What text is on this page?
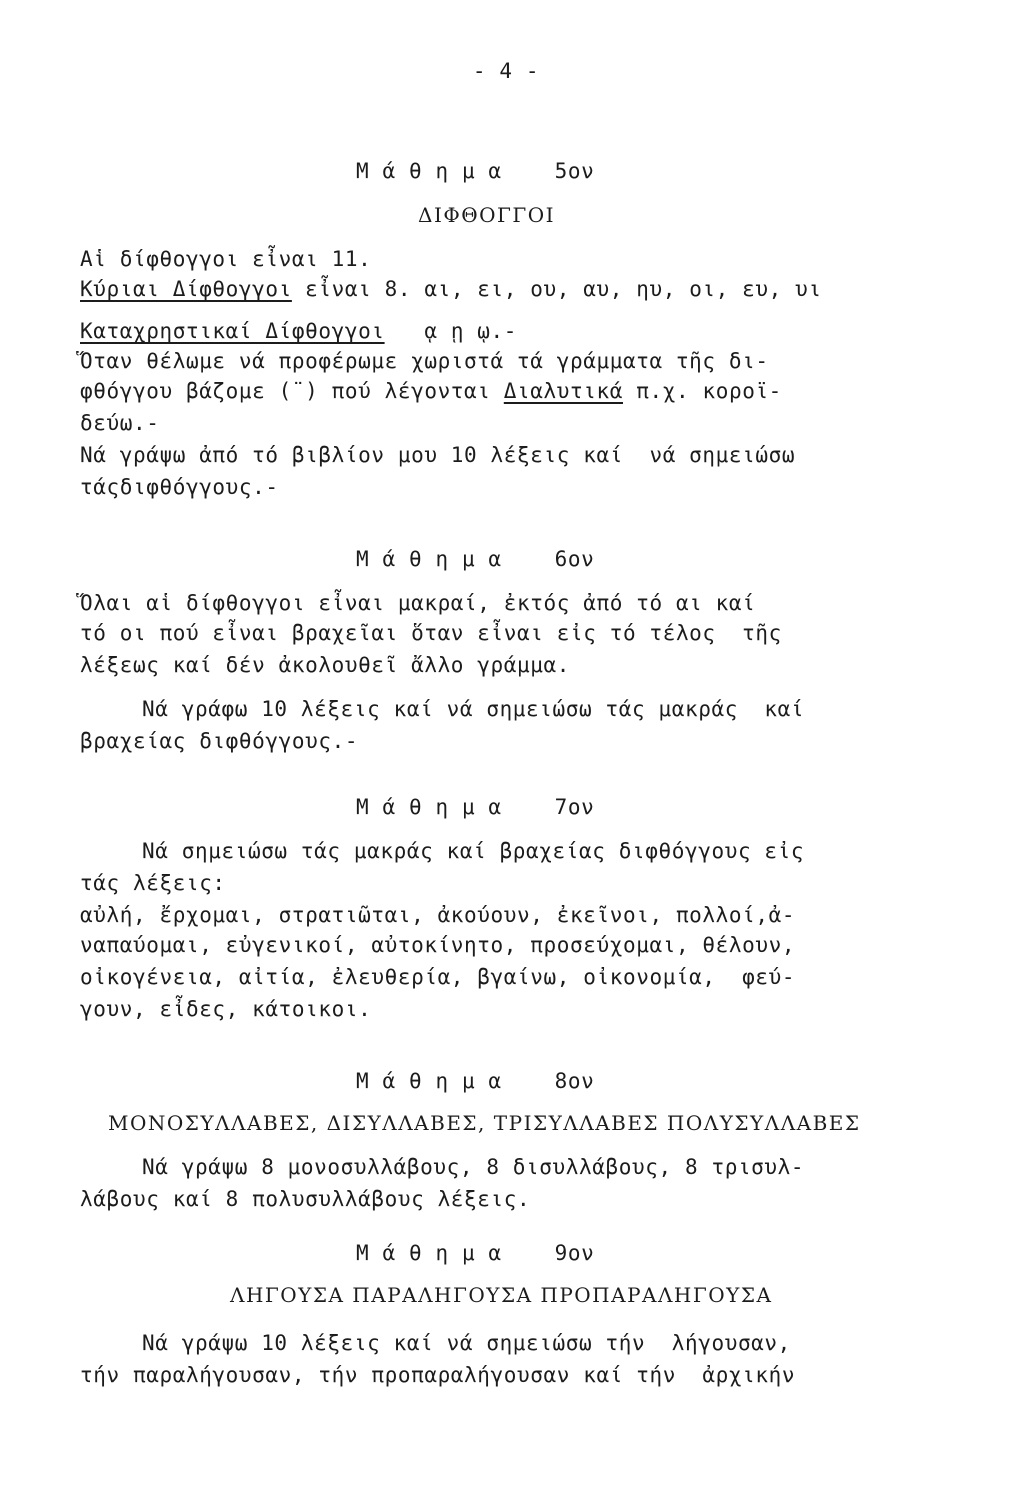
- 4 -
Μ ά θ η μ α    5ον
ΔΙΦΘΟΓΓΟΙ
Αἱ δίφθογγοι εἶναι 11.
Κύριαι Δίφθογγοι εἶναι 8. αι, ει, ου, αυ, ηυ, οι, ευ, υι
Καταχρηστικαί Δίφθογγοι ᾳ ῃ ῳ.-
Ὅταν θέλωμε νά προφέρωμε χωριστά τά γράμματα τῆς δι-
φθόγγου βάζομε (¨) πού λέγονται Διαλυτικά π.χ. κοροϊ-
δεύω.-
Νά γράψω ἀπό τό βιβλίον μου 10 λέξεις καί  νά σημειώσω
τάςδιφθόγγους.-
Μ ά θ η μ α    6ον
Ὅλαι αἱ δίφθογγοι εἶναι μακραί, ἐκτός ἀπό τό αι καί
τό οι πού εἶναι βραχεῖαι ὅταν εἶναι εἰς τό τέλος  τῆς
λέξεως καί δέν ἀκολουθεῖ ἄλλο γράμμα.
Νά γράφω 10 λέξεις καί νά σημειώσω τάς μακράς  καί
βραχείας διφθόγγους.-
Μ ά θ η μ α    7ον
Νά σημειώσω τάς μακράς καί βραχείας διφθόγγους εἰς
τάς λέξεις:
αὐλή, ἔρχομαι, στρατιῶται, ἀκούουν, ἐκεῖνοι, πολλοί,ἀ-
ναπαύομαι, εὐγενικοί, αὐτοκίνητο, προσεύχομαι, θέλουν,
οἰκογένεια, αἰτία, ἐλευθερία, βγαίνω, οἰκονομία,  φεύ-
γουν, εἶδες, κάτοικοι.
Μ ά θ η μ α    8ον
ΜΟΝΟΣΥΛΛΑΒΕΣ, ΔΙΣΥΛΛΑΒΕΣ, ΤΡΙΣΥΛΛΑΒΕΣ ΠΟΛΥΣΥΛΛΑΒΕΣ
Νά γράψω 8 μονοσυλλάβους, 8 δισυλλάβους, 8 τρισυλ-
λάβους καί 8 πολυσυλλάβους λέξεις.
Μ ά θ η μ α    9ον
ΛΗΓΟΥΣΑ ΠΑΡΑΛΗΓΟΥΣΑ ΠΡΟΠΑΡΑΛΗΓΟΥΣΑ
Νά γράψω 10 λέξεις καί νά σημειώσω τήν  λήγουσαν,
τήν παραλήγουσαν, τήν προπαραλήγουσαν καί τήν  ἀρχικήν
